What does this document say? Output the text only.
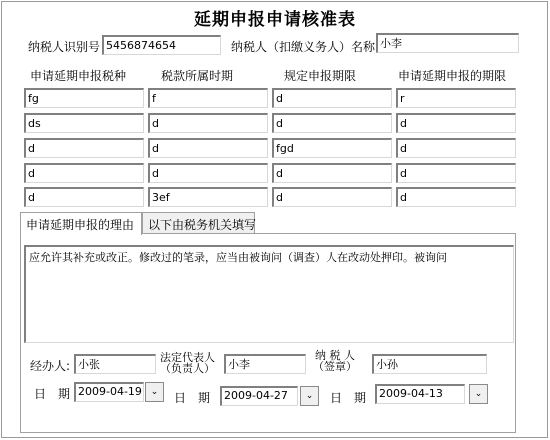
延期申报申请核准表
纳税人识别号 5456874654	纳税人（扣缴义务人）名称 小李
申请延期申报税种	税款所属时期	规定申报期限	申请延期申报的期限
fg	f	d	r
ds	d	d	d
d	d	fgd	d
d	d	d	d
d	3ef	d	d
申请延期申报的理由	以下由税务机关填写
应允许其补充或改正。修改过的笔录，应当由被询问（调查）人在改动处押印。被询问
经办人: 小张
法定代表人
（负责人）	小李
纳 税 人
（签章）	小孙
日　期 2009-04-19 ⌄	日　期	2009-04-27	⌄	日　期	2009-04-13	⌄
